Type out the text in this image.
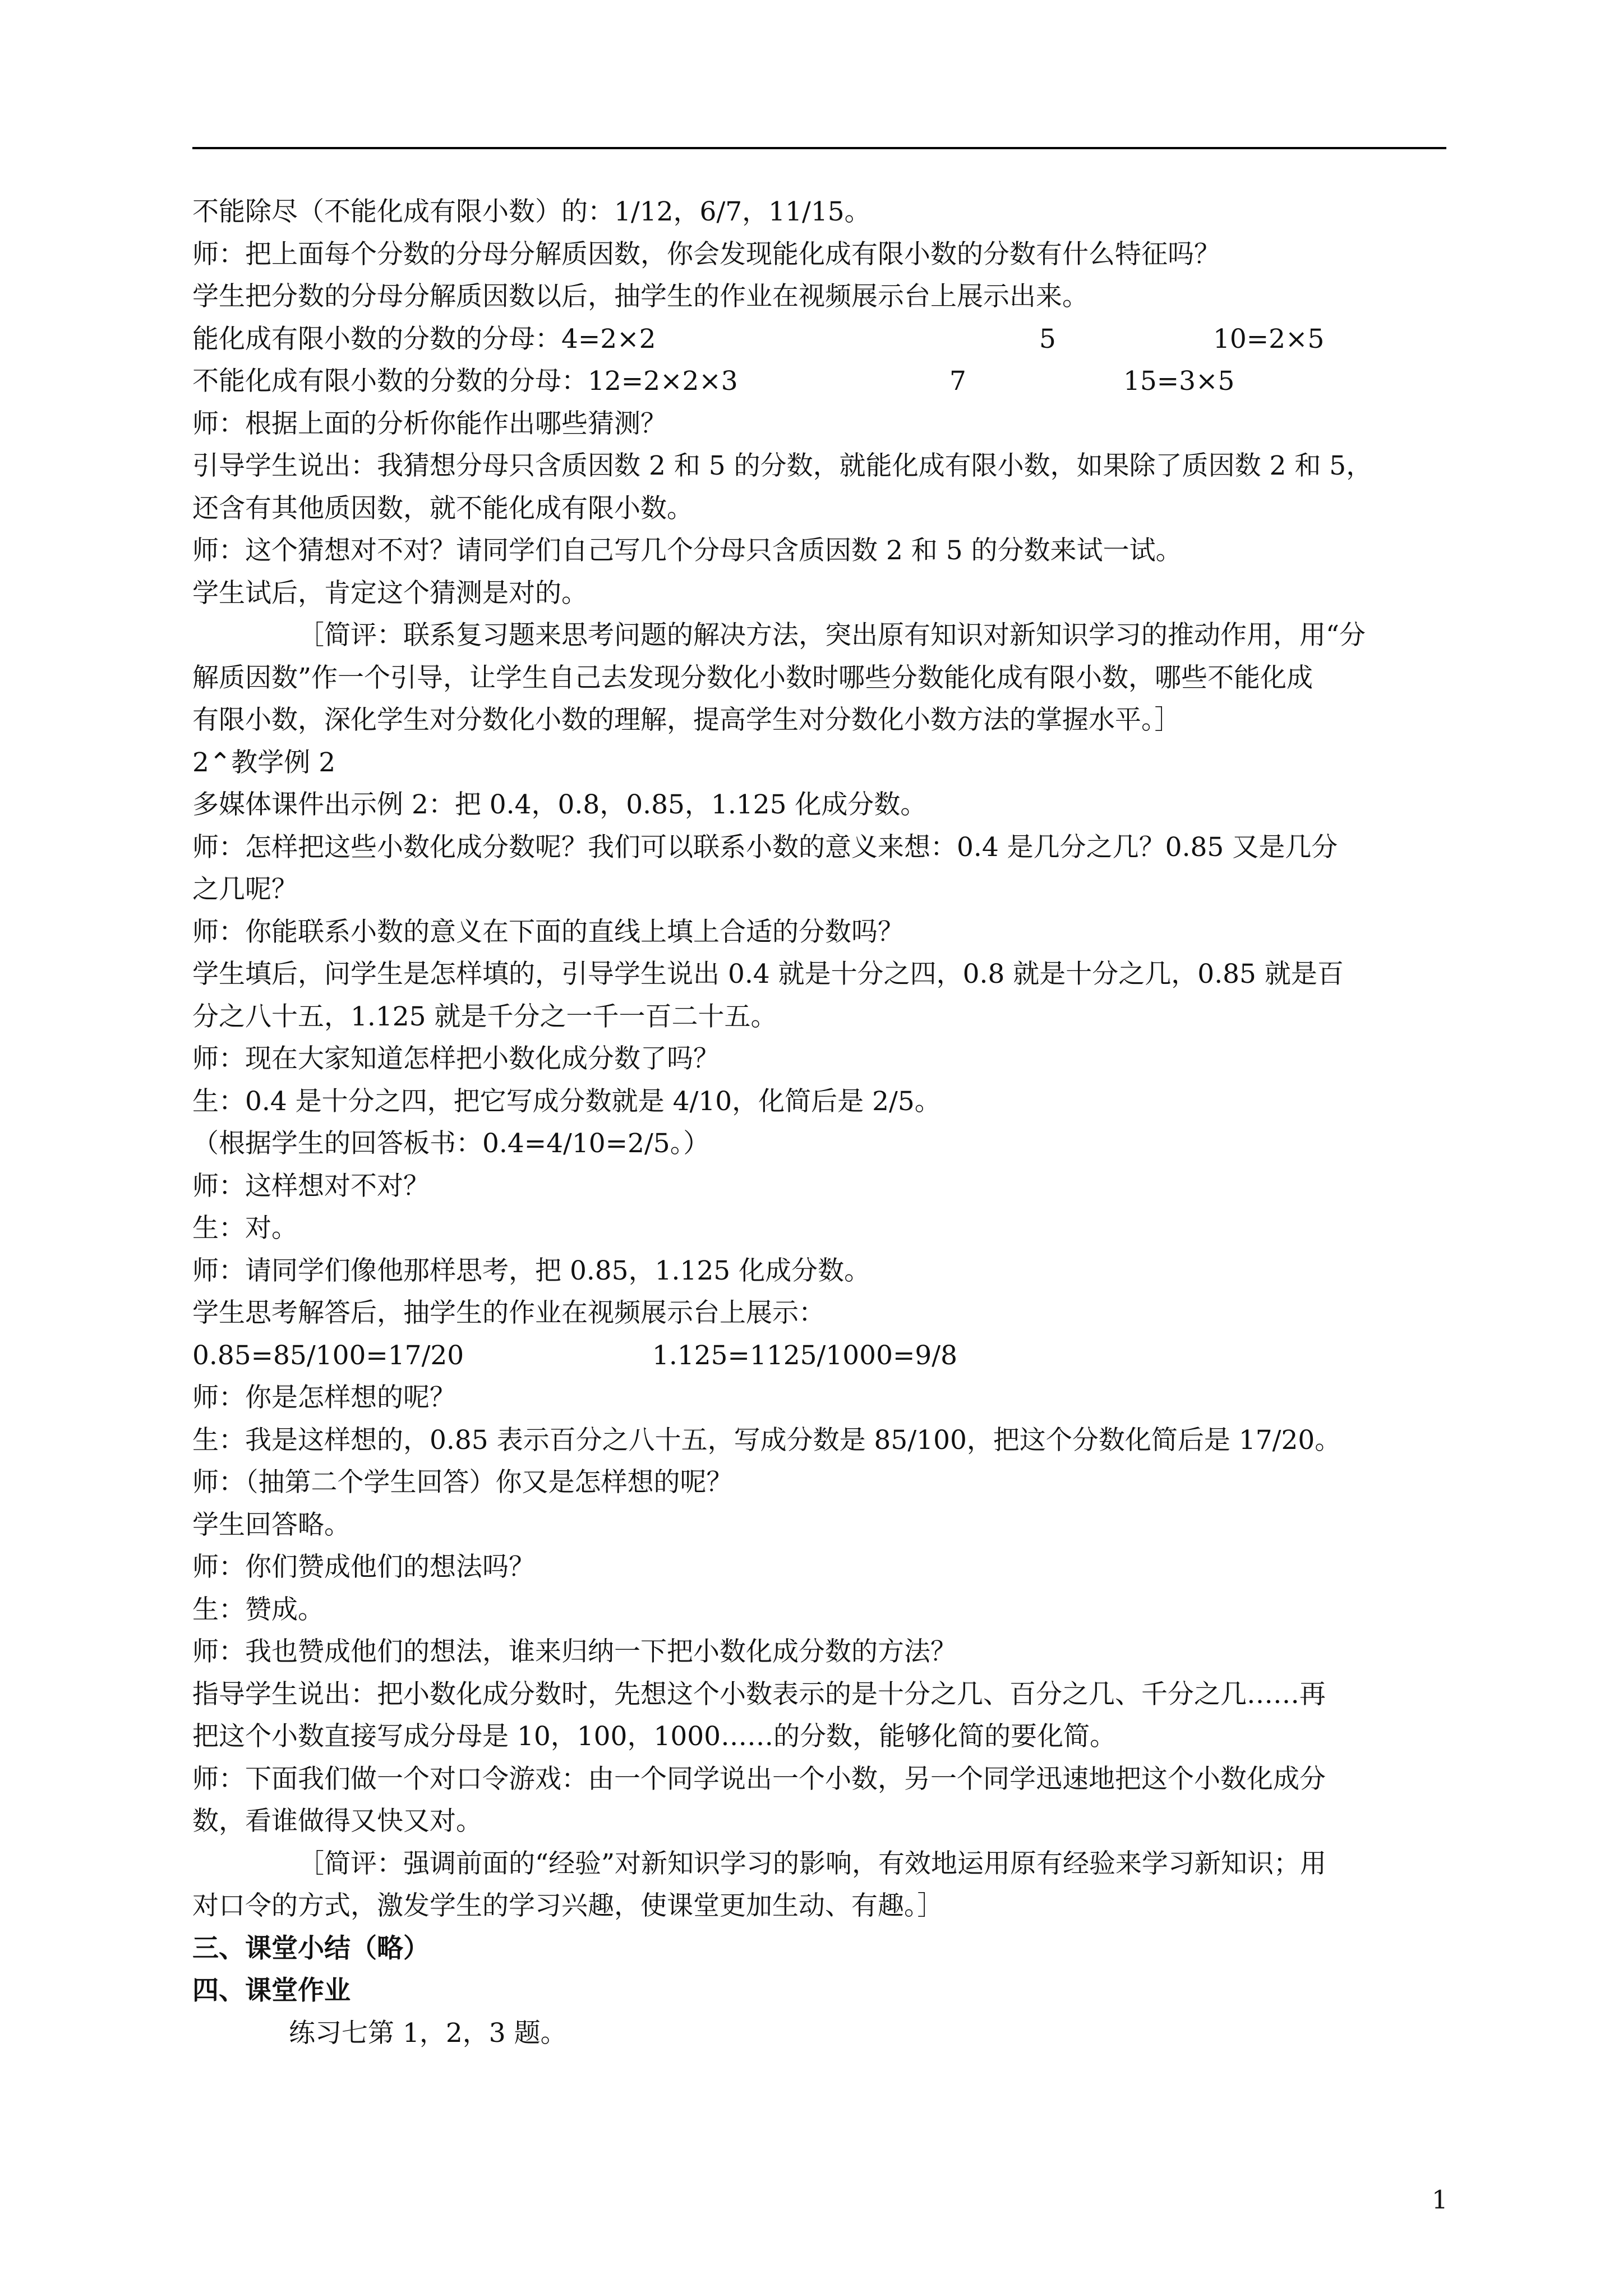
不能除尽（不能化成有限小数）的：1/12，6/7，11/15。
师：把上面每个分数的分母分解质因数，你会发现能化成有限小数的分数有什么特征吗？
学生把分数的分母分解质因数以后，抽学生的作业在视频展示台上展示出来。
能化成有限小数的分数的分母：4=2×2	5	10=2×5
不能化成有限小数的分数的分母：12=2×2×3	7	15=3×5
师：根据上面的分析你能作出哪些猜测？
引导学生说出：我猜想分母只含质因数 2 和 5 的分数，就能化成有限小数，如果除了质因数 2 和 5，
还含有其他质因数，就不能化成有限小数。
师：这个猜想对不对？请同学们自己写几个分母只含质因数 2 和 5 的分数来试一试。
学生试后，肯定这个猜测是对的。
［简评：联系复习题来思考问题的解决方法，突出原有知识对新知识学习的推动作用，用“分
解质因数”作一个引导，让学生自己去发现分数化小数时哪些分数能化成有限小数，哪些不能化成
有限小数，深化学生对分数化小数的理解，提高学生对分数化小数方法的掌握水平。］
2⌃教学例 2
多媒体课件出示例 2：把 0.4，0.8，0.85，1.125 化成分数。
师：怎样把这些小数化成分数呢？我们可以联系小数的意义来想：0.4 是几分之几？0.85 又是几分
之几呢？
师：你能联系小数的意义在下面的直线上填上合适的分数吗？
学生填后，问学生是怎样填的，引导学生说出 0.4 就是十分之四，0.8 就是十分之几，0.85 就是百
分之八十五，1.125 就是千分之一千一百二十五。
师：现在大家知道怎样把小数化成分数了吗？
生：0.4 是十分之四，把它写成分数就是 4/10，化简后是 2/5。
（根据学生的回答板书：0.4=4/10=2/5。）
师：这样想对不对？
生：对。
师：请同学们像他那样思考，把 0.85，1.125 化成分数。
学生思考解答后，抽学生的作业在视频展示台上展示：
0.85=85/100=17/20	1.125=1125/1000=9/8
师：你是怎样想的呢？
生：我是这样想的，0.85 表示百分之八十五，写成分数是 85/100，把这个分数化简后是 17/20。
师：（抽第二个学生回答）你又是怎样想的呢？
学生回答略。
师：你们赞成他们的想法吗？
生：赞成。
师：我也赞成他们的想法，谁来归纳一下把小数化成分数的方法？
指导学生说出：把小数化成分数时，先想这个小数表示的是十分之几、百分之几、千分之几……再
把这个小数直接写成分母是 10，100，1000……的分数，能够化简的要化简。
师：下面我们做一个对口令游戏：由一个同学说出一个小数，另一个同学迅速地把这个小数化成分
数，看谁做得又快又对。
［简评：强调前面的“经验”对新知识学习的影响，有效地运用原有经验来学习新知识；用
对口令的方式，激发学生的学习兴趣，使课堂更加生动、有趣。］
三、课堂小结（略）
四、课堂作业
练习七第 1，2，3 题。
1
